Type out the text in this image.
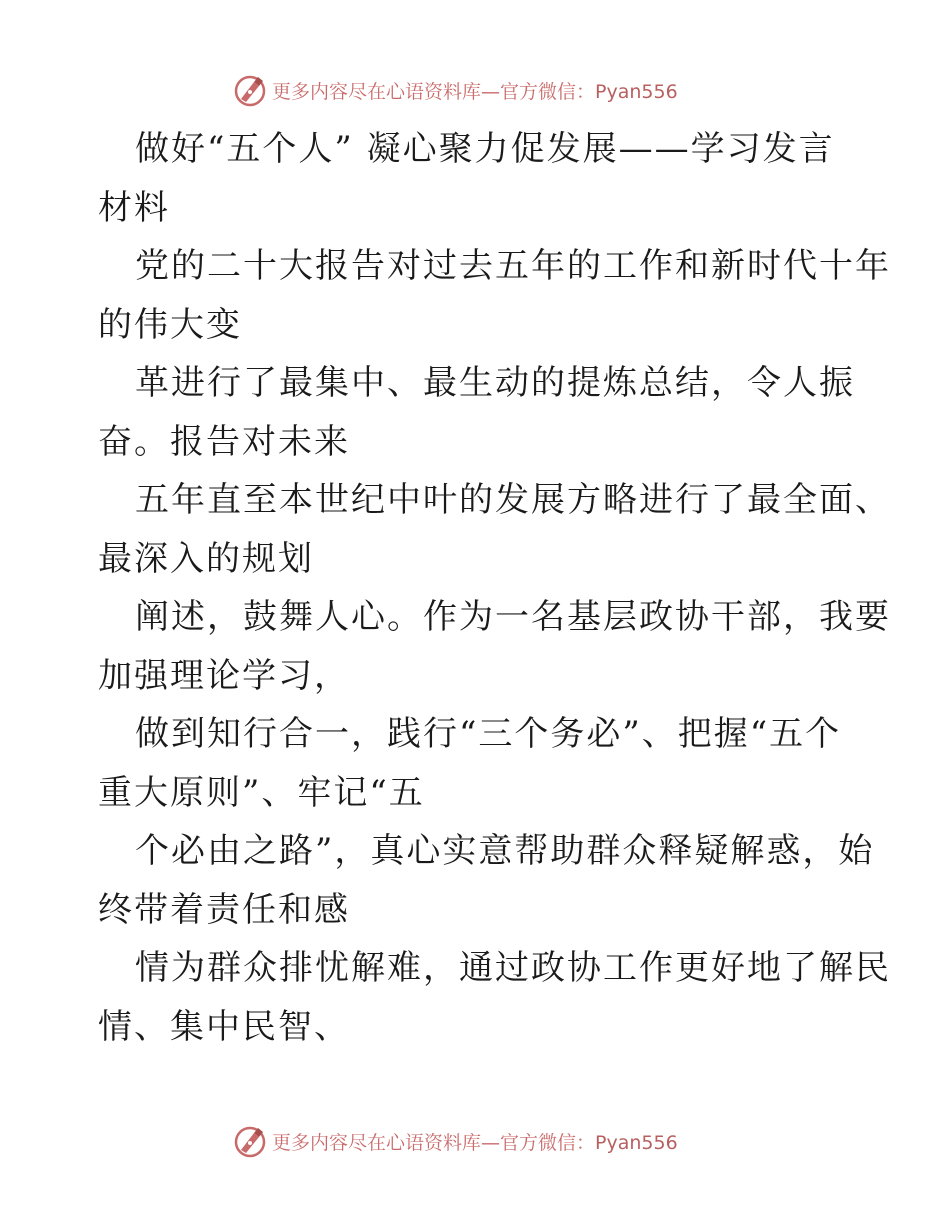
更多内容尽在心语资料库—官方微信：Pyan556
做好“五个人” 凝心聚力促发展——学习发言
材料
党的二十大报告对过去五年的工作和新时代十年
的伟大变
革进行了最集中、最生动的提炼总结，令人振
奋。报告对未来
五年直至本世纪中叶的发展方略进行了最全面、
最深入的规划
阐述，鼓舞人心。作为一名基层政协干部，我要
加强理论学习，
做到知行合一，践行“三个务必”、把握“五个
重大原则”、牢记“五
个必由之路”，真心实意帮助群众释疑解惑，始
终带着责任和感
情为群众排忧解难，通过政协工作更好地了解民
情、集中民智、
更多内容尽在心语资料库—官方微信：Pyan556
